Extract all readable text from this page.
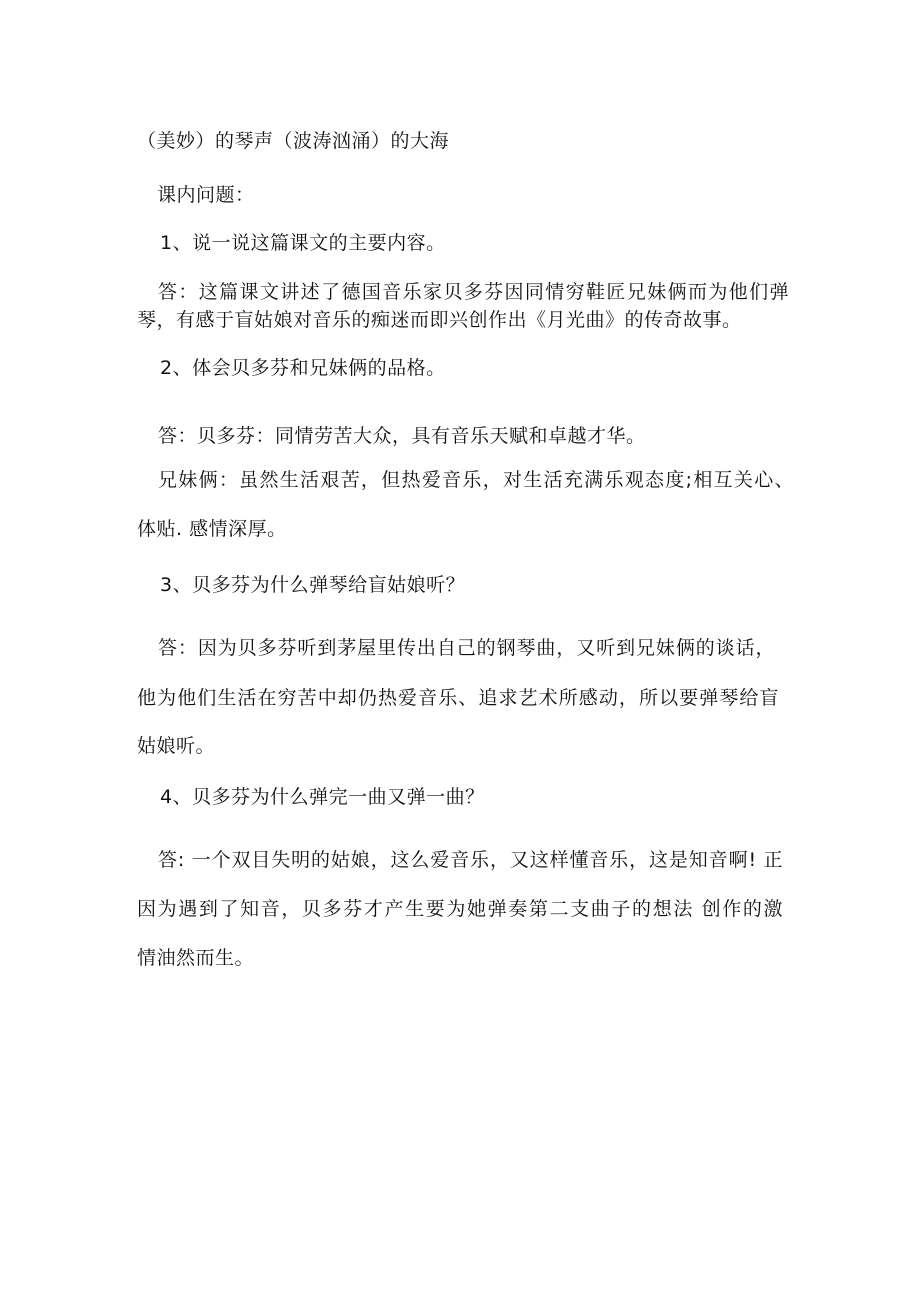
（美妙）的琴声（波涛汹涌）的大海
课内问题：
1、说一说这篇课文的主要内容。
答：这篇课文讲述了德国音乐家贝多芬因同情穷鞋匠兄妹俩而为他们弹
琴，有感于盲姑娘对音乐的痴迷而即兴创作出《月光曲》的传奇故事。
2、体会贝多芬和兄妹俩的品格。
答：贝多芬：同情劳苦大众，具有音乐天赋和卓越才华。
兄妹俩：虽然生活艰苦，但热爱音乐，对生活充满乐观态度;相互关心、
体贴. 感情深厚。
3、贝多芬为什么弹琴给盲姑娘听？
答：因为贝多芬听到茅屋里传出自己的钢琴曲，又听到兄妹俩的谈话，
他为他们生活在穷苦中却仍热爱音乐、追求艺术所感动，所以要弹琴给盲
姑娘听。
4、贝多芬为什么弹完一曲又弹一曲？
答: 一个双目失明的姑娘，这么爱音乐，又这样懂音乐，这是知音啊! 正
因为遇到了知音，贝多芬才产生要为她弹奏第二支曲子的想法 创作的激
情油然而生。
